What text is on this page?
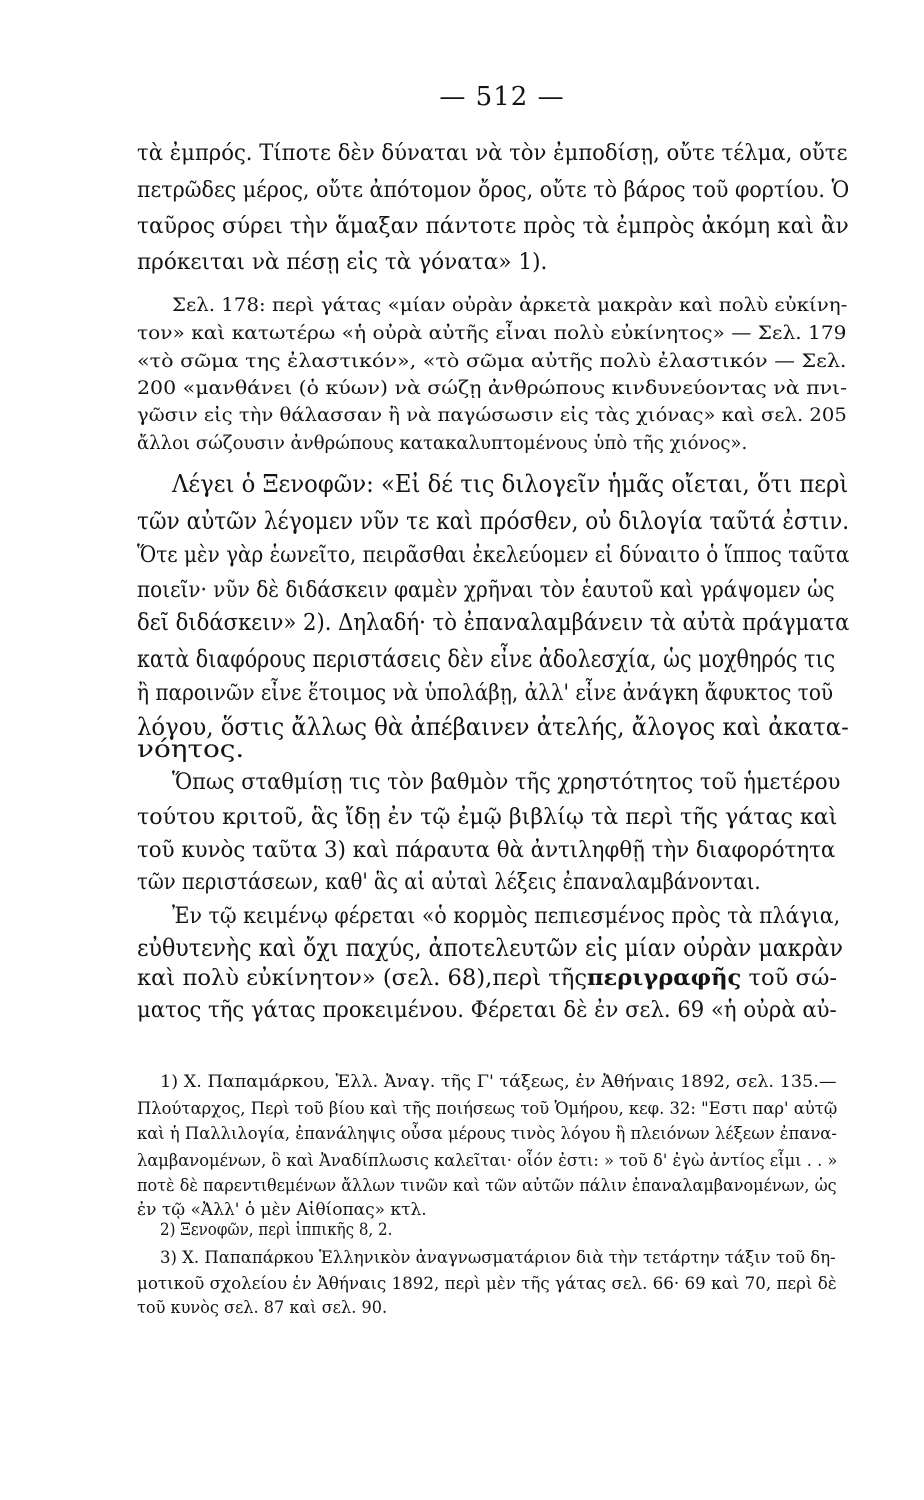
— 512 —
τὰ ἐμπρός. Τίποτε δὲν δύναται νὰ τὸν ἐμποδίσῃ, οὔτε τέλμα, οὔτε
πετρῶδες μέρος, οὔτε ἀπότομον ὄρος, οὔτε τὸ βάρος τοῦ φορτίου. Ὁ
ταῦρος σύρει τὴν ἅμαξαν πάντοτε πρὸς τὰ ἐμπρὸς ἀκόμη καὶ ἂν
πρόκειται νὰ πέσῃ εἰς τὰ γόνατα» 1).
Σελ. 178: περὶ γάτας «μίαν οὐρὰν ἀρκετὰ μακρὰν καὶ πολὺ εὐκίνη-
τον» καὶ κατωτέρω «ἡ οὐρὰ αὐτῆς εἶναι πολὺ εὐκίνητος» — Σελ. 179
«τὸ σῶμα της ἐλαστικόν», «τὸ σῶμα αὐτῆς πολὺ ἐλαστικόν — Σελ.
200 «μανθάνει (ὁ κύων) νὰ σώζῃ ἀνθρώπους κινδυνεύοντας νὰ πνι-
γῶσιν εἰς τὴν θάλασσαν ἢ νὰ παγώσωσιν εἰς τὰς χιόνας» καὶ σελ. 205
ἄλλοι σώζουσιν ἀνθρώπους κατακαλυπτομένους ὑπὸ τῆς χιόνος».
Λέγει ὁ Ξενοφῶν: «Εἰ δέ τις διλογεῖν ἡμᾶς οἴεται, ὅτι περὶ
τῶν αὐτῶν λέγομεν νῦν τε καὶ πρόσθεν, οὐ διλογία ταῦτά ἐστιν.
Ὅτε μὲν γὰρ ἑωνεῖτο, πειρᾶσθαι ἐκελεύομεν εἰ δύναιτο ὁ ἵππος ταῦτα
ποιεῖν· νῦν δὲ διδάσκειν φαμὲν χρῆναι τὸν ἑαυτοῦ καὶ γράψομεν ὡς
δεῖ διδάσκειν» 2). Δηλαδή· τὸ ἐπαναλαμβάνειν τὰ αὐτὰ πράγματα
κατὰ διαφόρους περιστάσεις δὲν εἶνε ἀδολεσχία, ὡς μοχθηρός τις
ἢ παροινῶν εἶνε ἕτοιμος νὰ ὑπολάβῃ, ἀλλ' εἶνε ἀνάγκη ἄφυκτος τοῦ
λόγου, ὅστις ἄλλως θὰ ἀπέβαινεν ἀτελής, ἄλογος καὶ ἀκατα-
νόητος.
Ὅπως σταθμίσῃ τις τὸν βαθμὸν τῆς χρηστότητος τοῦ ἡμετέρου
τούτου κριτοῦ, ἃς ἴδῃ ἐν τῷ ἐμῷ βιβλίῳ τὰ περὶ τῆς γάτας καὶ
τοῦ κυνὸς ταῦτα 3) καὶ πάραυτα θὰ ἀντιληφθῇ τὴν διαφορότητα
τῶν περιστάσεων, καθ' ἃς αἱ αὐταὶ λέξεις ἐπαναλαμβάνονται.
Ἐν τῷ κειμένῳ φέρεται «ὁ κορμὸς πεπιεσμένος πρὸς τὰ πλάγια,
εὐθυτενὴς καὶ ὄχι παχύς, ἀποτελευτῶν εἰς μίαν οὐρὰν μακρὰν
καὶ πολὺ εὐκίνητον» (σελ. 68),περὶ τῆςπεριγραφῆς τοῦ σώ-
ματος τῆς γάτας προκειμένου. Φέρεται δὲ ἐν σελ. 69 «ἡ οὐρὰ αὐ-
1) Χ. Παπαμάρκου, Ἑλλ. Ἀναγ. τῆς Γ' τάξεως, ἐν Ἀθήναις 1892, σελ. 135.—
Πλούταρχος, Περὶ τοῦ βίου καὶ τῆς ποιήσεως τοῦ Ὁμήρου, κεφ. 32: "Εστι παρ' αὐτῷ
καὶ ἡ Παλλιλογία, ἐπανάληψις οὖσα μέρους τινὸς λόγου ἢ πλειόνων λέξεων ἐπανα-
λαμβανομένων, ὃ καὶ Ἀναδίπλωσις καλεῖται· οἷόν ἐστι: » τοῦ δ' ἐγὼ ἀντίος εἶμι . . »
ποτὲ δὲ παρεντιθεμένων ἄλλων τινῶν καὶ τῶν αὐτῶν πάλιν ἐπαναλαμβανομένων, ὡς
ἐν τῷ «Ἀλλ' ὁ μὲν Αἰθίοπας» κτλ.
2) Ξενοφῶν, περὶ ἱππικῆς 8, 2.
3) Χ. Παπαπάρκου Ἑλληνικὸν ἀναγνωσματάριον διὰ τὴν τετάρτην τάξιν τοῦ δη-
μοτικοῦ σχολείου ἐν Ἀθήναις 1892, περὶ μὲν τῆς γάτας σελ. 66· 69 καὶ 70, περὶ δὲ
τοῦ κυνὸς σελ. 87 καὶ σελ. 90.
